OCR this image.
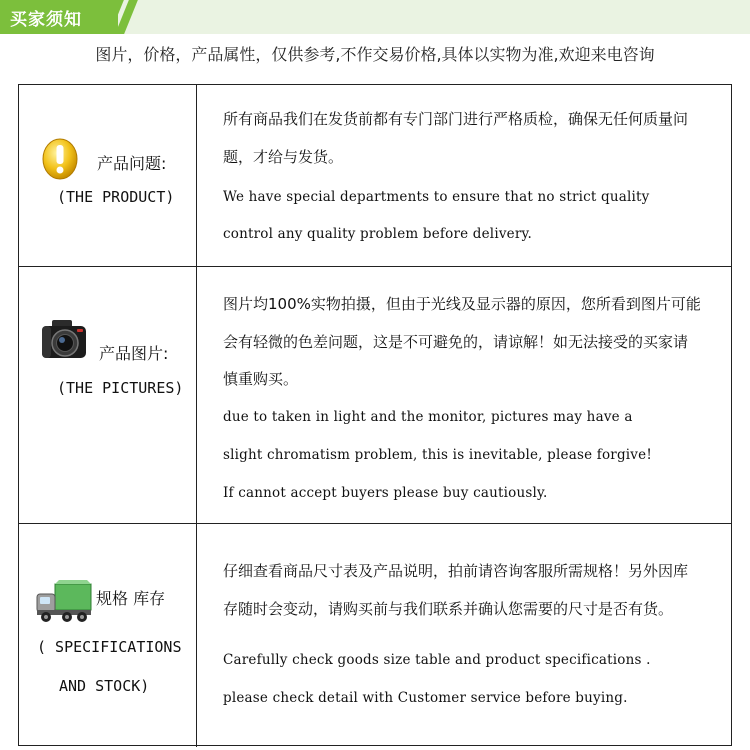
买家须知
图片，价格，产品属性，仅供参考,不作交易价格,具体以实物为准,欢迎来电咨询
产品问题:
(THE PRODUCT)
所有商品我们在发货前都有专门部门进行严格质检，确保无任何质量问
题，才给与发货。
We have special departments to ensure that no strict quality
control any quality problem before delivery.
产品图片:
(THE PICTURES)
图片均100%实物拍摄，但由于光线及显示器的原因，您所看到图片可能
会有轻微的色差问题，这是不可避免的，请谅解！如无法接受的买家请
慎重购买。
due to taken in light and the monitor, pictures may have a
slight chromatism problem, this is inevitable, please forgive!
If cannot accept buyers please buy cautiously.
规格 库存
( SPECIFICATIONS
AND STOCK)
仔细查看商品尺寸表及产品说明，拍前请咨询客服所需规格！另外因库
存随时会变动，请购买前与我们联系并确认您需要的尺寸是否有货。
Carefully check goods size table and product specifications .
please check detail with Customer service before buying.
